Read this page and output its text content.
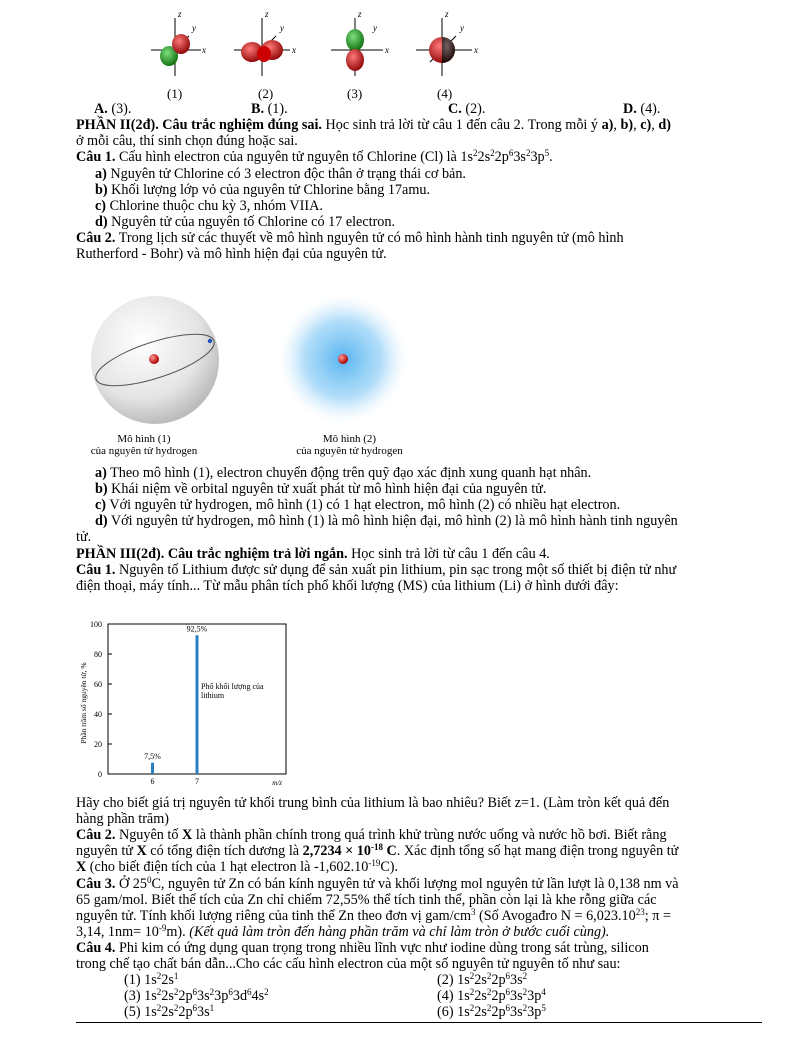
z
y
x
z
y
x
z
y
x
z
y
x
(1)	(2)	(3)	(4)
A. (3).	B. (1).	C. (2).	D. (4).
PHẦN II(2đ). Câu trắc nghiệm đúng sai. Học sinh trả lời từ câu 1 đến câu 2. Trong mỗi ý a), b), c), d)
ở mỗi câu, thí sinh chọn đúng hoặc sai.
Câu 1. Cấu hình electron của nguyên tử nguyên tố Chlorine (Cl) là $1s^22s^22p^63s^23p^5$.
a) Nguyên tử Chlorine có 3 electron độc thân ở trạng thái cơ bản.
b) Khối lượng lớp vỏ của nguyên tử Chlorine bằng 17amu.
c) Chlorine thuộc chu kỳ 3, nhóm VIIA.
d) Nguyên tử của nguyên tố Chlorine có 17 electron.
Câu 2. Trong lịch sử các thuyết về mô hình nguyên tử có mô hình hành tinh nguyên tử (mô hình
Rutherford - Bohr) và mô hình hiện đại của nguyên tử.
Mô hình (1)
của nguyên tử hydrogen
Mô hình (2)
của nguyên tử hydrogen
a) Theo mô hình (1), electron chuyển động trên quỹ đạo xác định xung quanh hạt nhân.
b) Khái niệm về orbital nguyên tử xuất phát từ mô hình hiện đại của nguyên tử.
c) Với nguyên tử hydrogen, mô hình (1) có 1 hạt electron, mô hình (2) có nhiều hạt electron.
d) Với nguyên tử hydrogen, mô hình (1) là mô hình hiện đại, mô hình (2) là mô hình hành tinh nguyên
tử.
PHẦN III(2đ). Câu trắc nghiệm trả lời ngắn. Học sinh trả lời từ câu 1 đến câu 4.
Câu 1. Nguyên tố Lithium được sử dụng để sản xuất pin lithium, pin sạc trong một số thiết bị điện tử như
điện thoại, máy tính... Từ mẫu phân tích phổ khối lượng (MS) của lithium (Li) ở hình dưới đây:
0
20
40
60
80
100
6	7
7,5%
92,5%
Phổ khối lượng của
lithium
Phần trăm số nguyên tử, %
m/z
Hãy cho biết giá trị nguyên tử khối trung bình của lithium là bao nhiêu? Biết z=1. (Làm tròn kết quả đến
hàng phần trăm)
Câu 2. Nguyên tố X là thành phần chính trong quá trình khử trùng nước uống và nước hồ bơi. Biết rằng
nguyên tử X có tổng điện tích dương là $2,7234 \times 10^{-18}$ C. Xác định tổng số hạt mang điện trong nguyên tử
X (cho biết điện tích của 1 hạt electron là $-1,602.10^{-19}C$).
Câu 3. Ở $25^0C$, nguyên tử Zn có bán kính nguyên tử và khối lượng mol nguyên tử lần lượt là 0,138 nm và
65 gam/mol. Biết thể tích của Zn chỉ chiếm 72,55% thể tích tinh thể, phần còn lại là khe rỗng giữa các
nguyên tử. Tính khối lượng riêng của tinh thể Zn theo đơn vị gam/$cm^3$ (Số Avogađro $N = 6,023.10^{23}$; π =
3,14, $1nm= 10^{-9}m$). (Kết quả làm tròn đến hàng phần trăm và chỉ làm tròn ở bước cuối cùng).
Câu 4. Phi kim có ứng dụng quan trọng trong nhiều lĩnh vực như iodine dùng trong sát trùng, silicon
trong chế tạo chất bán dẫn...Cho các cấu hình electron của một số nguyên tử nguyên tố như sau:
(1) $1s^22s^1$	(2) $1s^22s^22p^63s^2$
(3) $1s^22s^22p^63s^23p^63d^64s^2$	(4) $1s^22s^22p^63s^23p^4$
(5) $1s^22s^22p^63s^1$	(6) $1s^22s^22p^63s^23p^5$
